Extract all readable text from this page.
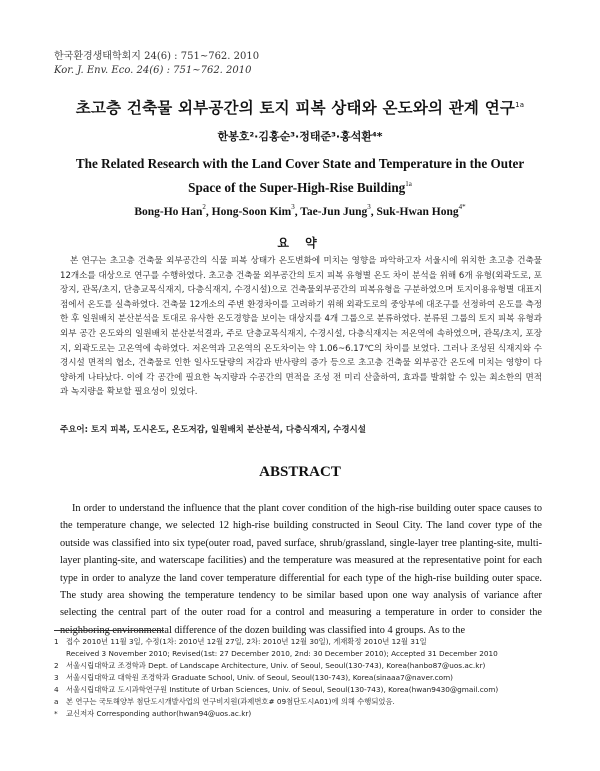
한국환경생태학회지 24(6) : 751~762. 2010
Kor. J. Env. Eco. 24(6) : 751~762. 2010
초고층 건축물 외부공간의 토지 피복 상태와 온도와의 관계 연구$^{1a}$
한봉호²·김홍순³·정태준³·홍석환⁴*
The Related Research with the Land Cover State and Temperature in the Outer Space of the Super-High-Rise Building$^{1a}$
Bong-Ho Han$^2$, Hong-Soon Kim$^3$, Tae-Jun Jung$^3$, Suk-Hwan Hong$^{4*}$
요 약
본 연구는 초고층 건축물 외부공간의 식물 피복 상태가 온도변화에 미치는 영향을 파악하고자 서울시에 위치한 초고층 건축물 12개소를 대상으로 연구를 수행하였다. 초고층 건축물 외부공간의 토지 피복 유형별 온도 차이 분석을 위해 6개 유형(외곽도로, 포장지, 관목/초지, 단층교목식재지, 다층식재지, 수경시설)으로 건축물외부공간의 피복유형을 구분하였으며 토지이용유형별 대표지점에서 온도를 실측하였다. 건축물 12개소의 주변 환경차이를 고려하기 위해 외곽도로의 중앙부에 대조구를 선정하여 온도를 측정한 후 일원배치 분산분석을 토대로 유사한 온도경향을 보이는 대상지를 4개 그룹으로 분류하였다. 분류된 그룹의 토지 피복 유형과 외부 공간 온도와의 일원배치 분산분석결과, 주로 단층교목식재지, 수경시설, 다층식재지는 저온역에 속하였으며, 관목/초지, 포장지, 외곽도로는 고온역에 속하였다. 저온역과 고온역의 온도차이는 약 1.06~6.17℃의 차이를 보였다. 그러나 조성된 식재지와 수경시설 면적의 협소, 건축물로 인한 일사도달량의 저감과 반사량의 증가 등으로 초고층 건축물 외부공간 온도에 미치는 영향이 다양하게 나타났다. 이에 각 공간에 필요한 녹지량과 수공간의 면적을 조성 전 미리 산출하여, 효과를 발휘할 수 있는 최소한의 면적과 녹지량을 확보할 필요성이 있었다.
주요어: 토지 피복, 도시온도, 온도저감, 일원배치 분산분석, 다층식재지, 수경시설
ABSTRACT
In order to understand the influence that the plant cover condition of the high-rise building outer space causes to the temperature change, we selected 12 high-rise building constructed in Seoul City. The land cover type of the outside was classified into six type(outer road, paved surface, shrub/grassland, single-layer tree planting-site, multi-layer planting-site, and waterscape facilities) and the temperature was measured at the representative point for each type in order to analyze the land cover temperature differential for each type of the high-rise building outer space. The study area showing the temperature tendency to be similar based upon one way analysis of variance after selecting the central part of the outer road for a control and measuring a temperature in order to consider the neighboring environmental difference of the dozen building was classified into 4 groups. As to the
1	접수 2010년 11월 3일, 수정(1차: 2010년 12월 27일, 2차: 2010년 12월 30일), 게재확정 2010년 12월 31일
Received 3 November 2010; Revised(1st: 27 December 2010, 2nd: 30 December 2010); Accepted 31 December 2010
2	서울시립대학교 조경학과 Dept. of Landscape Architecture, Univ. of Seoul, Seoul(130-743), Korea(hanbo87@uos.ac.kr)
3	서울시립대학교 대학원 조경학과 Graduate School, Univ. of Seoul, Seoul(130-743), Korea(sinaaa7@naver.com)
4	서울시립대학교 도시과학연구원 Institute of Urban Sciences, Univ. of Seoul, Seoul(130-743), Korea(hwan9430@gmail.com)
a	본 연구는 국토해양부 첨단도시개발사업의 연구비지원(과제번호# 09첨단도시A01)에 의해 수행되었음.
*	교신저자 Corresponding author(hwan94@uos.ac.kr)
